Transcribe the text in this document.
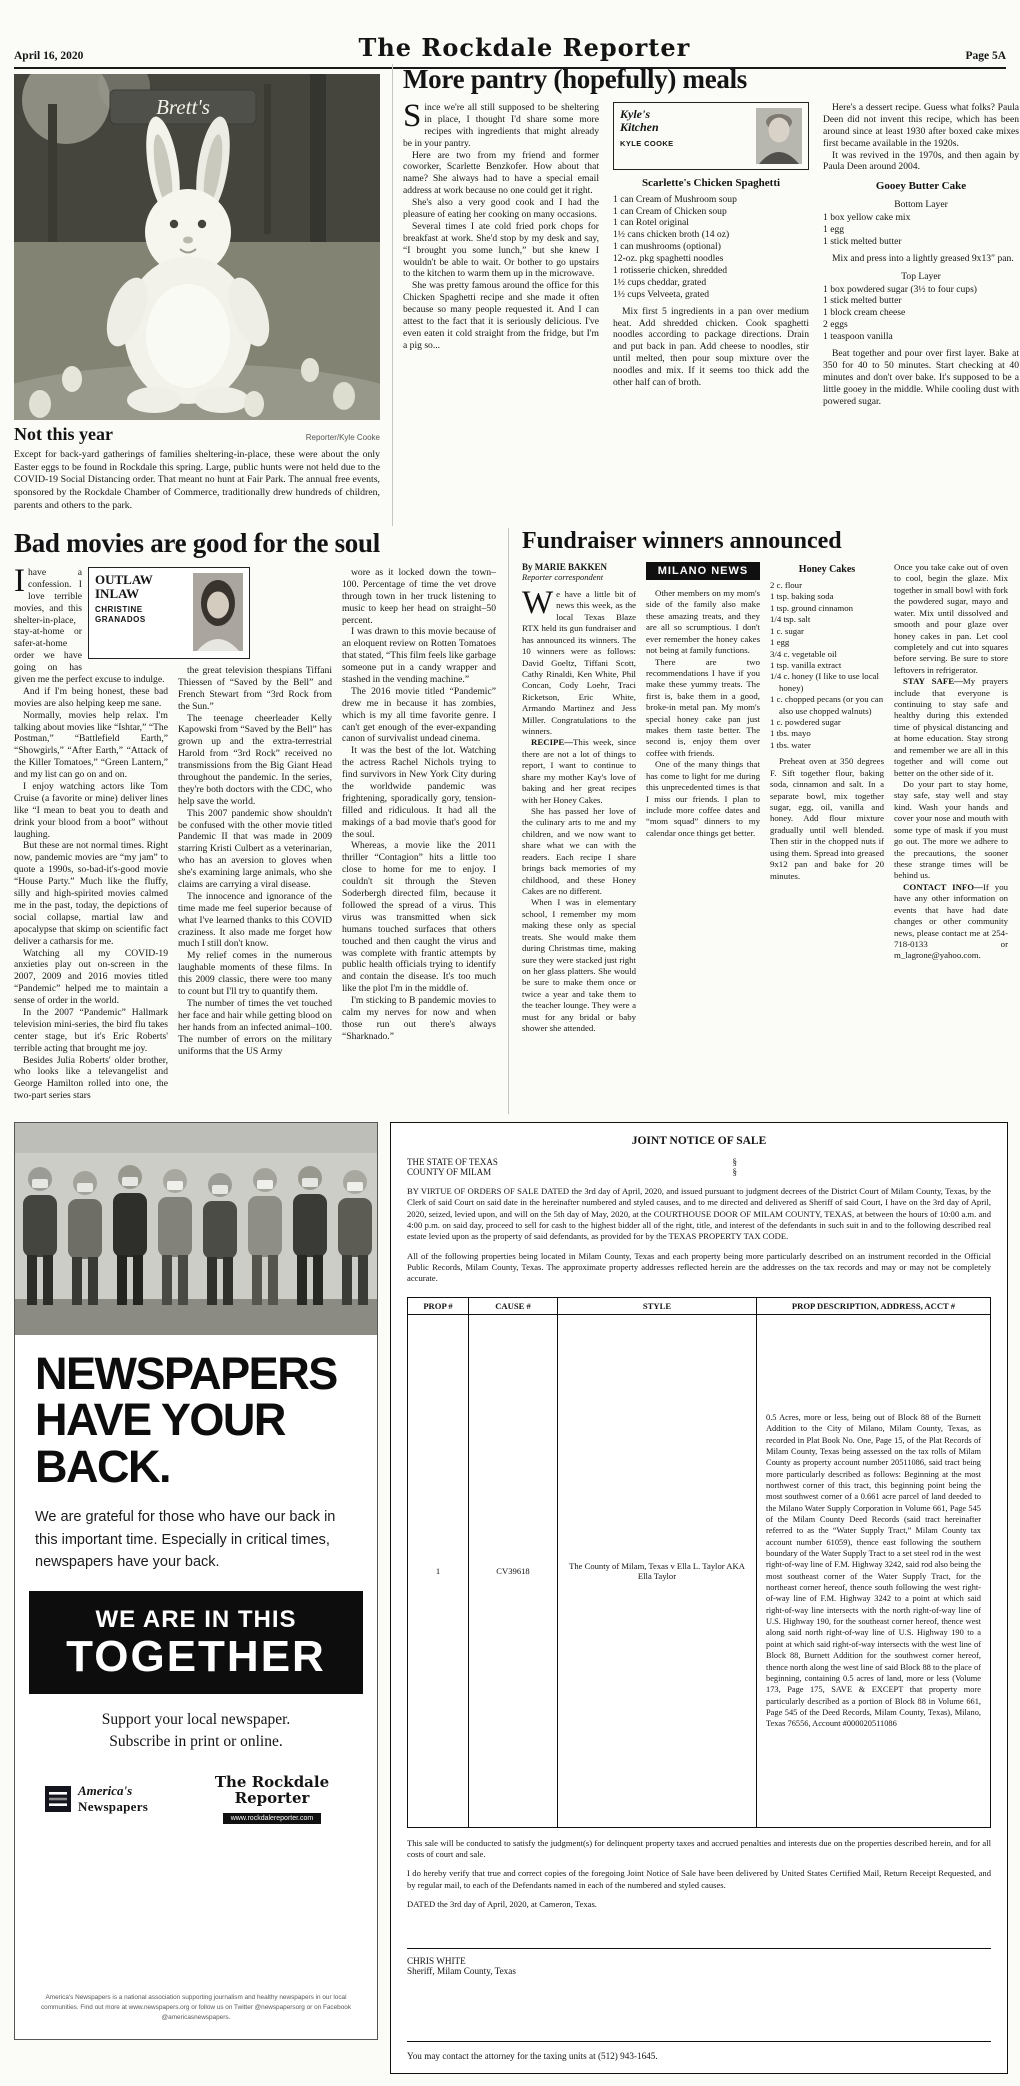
April 16, 2020	The Rockdale Reporter	Page 5A
Brett's
Not this year	Reporter/Kyle Cooke

Except for back-yard gatherings of families sheltering-in-place, these were about the only Easter eggs to be found in Rockdale this spring. Large, public hunts were not held due to the COVID-19 Social Distancing order. That meant no hunt at Fair Park. The annual free events, sponsored by the Rockdale Chamber of Commerce, traditionally drew hundreds of children, parents and others to the park.

More pantry (hopefully) meals

Since we're all still supposed to be sheltering in place, I thought I'd share some more recipes with ingredients that might already be in your pantry.

Here are two from my friend and former coworker, Scarlette Benzkofer. How about that name? She always had to have a special email address at work because no one could get it right.

She's also a very good cook and I had the pleasure of eating her cooking on many occasions.

Several times I ate cold fried pork chops for breakfast at work. She'd stop by my desk and say, “I brought you some lunch,” but she knew I wouldn't be able to wait. Or bother to go upstairs to the kitchen to warm them up in the microwave.

She was pretty famous around the office for this Chicken Spaghetti recipe and she made it often because so many people requested it. And I can attest to the fact that it is seriously delicious. I've even eaten it cold straight from the fridge, but I'm a pig so...

Kyle's
Kitchen
KYLE COOKE
Scarlette's Chicken Spaghetti

1 can Cream of Mushroom soup

1 can Cream of Chicken soup

1 can Rotel original

1½ cans chicken broth (14 oz)

1 can mushrooms (optional)

12-oz. pkg spaghetti noodles

1 rotisserie chicken, shredded

1½ cups cheddar, grated

1½ cups Velveeta, grated

Mix first 5 ingredients in a pan over medium heat. Add shredded chicken. Cook spaghetti noodles according to package directions. Drain and put back in pan. Add cheese to noodles, stir until melted, then pour soup mixture over the noodles and mix. If it seems too thick add the other half can of broth.

Here's a dessert recipe. Guess what folks? Paula Deen did not invent this recipe, which has been around since at least 1930 after boxed cake mixes first became available in the 1920s.

It was revived in the 1970s, and then again by Paula Deen around 2004.

Gooey Butter Cake
Bottom Layer

1 box yellow cake mix

1 egg

1 stick melted butter

Mix and press into a lightly greased 9x13″ pan.

Top Layer

1 box powdered sugar (3½ to four cups)

1 stick melted butter

1 block cream cheese

2 eggs

1 teaspoon vanilla

Beat together and pour over first layer. Bake at 350 for 40 to 50 minutes. Start checking at 40 minutes and don't over bake. It's supposed to be a little gooey in the middle. While cooling dust with powered sugar.

Bad movies are good for the soul
OUTLAW
INLAW
CHRISTINE
GRANADOS

Ihave a confession. I love terrible movies, and this shelter-in-place, stay-at-home or safer-at-home order we have going on has given me the perfect excuse to indulge.

And if I'm being honest, these bad movies are also helping keep me sane.

Normally, movies help relax. I'm talking about movies like “Ishtar,” “The Postman,” “Battlefield Earth,” “Showgirls,” “After Earth,” “Attack of the Killer Tomatoes,” “Green Lantern,” and my list can go on and on.

I enjoy watching actors like Tom Cruise (a favorite or mine) deliver lines like “I mean to beat you to death and drink your blood from a boot” without laughing.

But these are not normal times. Right now, pandemic movies are “my jam” to quote a 1990s, so-bad-it's-good movie “House Party.” Much like the fluffy, silly and high-spirited movies calmed me in the past, today, the depictions of social collapse, martial law and apocalypse that skimp on scientific fact deliver a catharsis for me.

Watching all my COVID-19 anxieties play out on-screen in the 2007, 2009 and 2016 movies titled “Pandemic” helped me to maintain a sense of order in the world.

In the 2007 “Pandemic” Hallmark television mini-series, the bird flu takes center stage, but it's Eric Roberts' terrible acting that brought me joy.

Besides Julia Roberts' older brother, who looks like a televangelist and George Hamilton rolled into one, the two-part series stars

the great television thespians Tiffani Thiessen of “Saved by the Bell” and French Stewart from “3rd Rock from the Sun.”

The teenage cheerleader Kelly Kapowski from “Saved by the Bell” has grown up and the extra-terrestrial Harold from “3rd Rock” received no transmissions from the Big Giant Head throughout the pandemic. In the series, they're both doctors with the CDC, who help save the world.

This 2007 pandemic show shouldn't be confused with the other movie titled Pandemic II that was made in 2009 starring Kristi Culbert as a veterinarian, who has an aversion to gloves when she's examining large animals, who she claims are carrying a viral disease.

The innocence and ignorance of the time made me feel superior because of what I've learned thanks to this COVID craziness. It also made me forget how much I still don't know.

My relief comes in the numerous laughable moments of these films. In this 2009 classic, there were too many to count but I'll try to quantify them.

The number of times the vet touched her face and hair while getting blood on her hands from an infected animal–100. The number of errors on the military uniforms that the US Army

wore as it locked down the town–100. Percentage of time the vet drove through town in her truck listening to music to keep her head on straight–50 percent.

I was drawn to this movie because of an eloquent review on Rotten Tomatoes that stated, “This film feels like garbage someone put in a candy wrapper and stashed in the vending machine.”

The 2016 movie titled “Pandemic” drew me in because it has zombies, which is my all time favorite genre. I can't get enough of the ever-expanding canon of survivalist undead cinema.

It was the best of the lot. Watching the actress Rachel Nichols trying to find survivors in New York City during the worldwide pandemic was frightening, sporadically gory, tension-filled and ridiculous. It had all the makings of a bad movie that's good for the soul.

Whereas, a movie like the 2011 thriller “Contagion” hits a little too close to home for me to enjoy. I couldn't sit through the Steven Soderbergh directed film, because it followed the spread of a virus. This virus was transmitted when sick humans touched surfaces that others touched and then caught the virus and was complete with frantic attempts by public health officials trying to identify and contain the disease. It's too much like the plot I'm in the middle of.

I'm sticking to B pandemic movies to calm my nerves for now and when those run out there's always “Sharknado.”

Fundraiser winners announced
By MARIE BAKKEN
Reporter correspondent

We have a little bit of news this week, as the local Texas Blaze RTX held its gun fundraiser and has announced its winners. The 10 winners were as follows: David Goeltz, Tiffani Scott, Cathy Rinaldi, Ken White, Phil Concan, Cody Loehr, Traci Ricketson, Eric White, Armando Martinez and Jess Miller. Congratulations to the winners.

RECIPE—This week, since there are not a lot of things to report, I want to continue to share my mother Kay's love of baking and her great recipes with her Honey Cakes.

She has passed her love of the culinary arts to me and my children, and we now want to share what we can with the readers. Each recipe I share brings back memories of my childhood, and these Honey Cakes are no different.

When I was in elementary school, I remember my mom making these only as special treats. She would make them during Christmas time, making sure they were stacked just right on her glass platters. She would be sure to make them once or twice a year and take them to the teacher lounge. They were a must for any bridal or baby shower she attended.

MILANO NEWS

Other members on my mom's side of the family also make these amazing treats, and they are all so scrumptious. I don't ever remember the honey cakes not being at family functions.

There are two recommendations I have if you make these yummy treats. The first is, bake them in a good, broke-in metal pan. My mom's special honey cake pan just makes them taste better. The second is, enjoy them over coffee with friends.

One of the many things that has come to light for me during this unprecedented times is that I miss our friends. I plan to include more coffee dates and “mom squad” dinners to my calendar once things get better.

Honey Cakes

2 c. flour

1 tsp. baking soda

1 tsp. ground cinnamon

1/4 tsp. salt

1 c. sugar

1 egg

3/4 c. vegetable oil

1 tsp. vanilla extract

1/4 c. honey (I like to use local honey)

1 c. chopped pecans (or you can also use chopped walnuts)

1 c. powdered sugar

1 tbs. mayo

1 tbs. water

Preheat oven at 350 degrees F. Sift together flour, baking soda, cinnamon and salt. In a separate bowl, mix together sugar, egg, oil, vanilla and honey. Add flour mixture gradually until well blended. Then stir in the chopped nuts if using them. Spread into greased 9x12 pan and bake for 20 minutes.

Once you take cake out of oven to cool, begin the glaze. Mix together in small bowl with fork the powdered sugar, mayo and water. Mix until dissolved and smooth and pour glaze over honey cakes in pan. Let cool completely and cut into squares before serving. Be sure to store leftovers in refrigerator.

STAY SAFE—My prayers include that everyone is continuing to stay safe and healthy during this extended time of physical distancing and at home education. Stay strong and remember we are all in this together and will come out better on the other side of it.

Do your part to stay home, stay safe, stay well and stay kind. Wash your hands and cover your nose and mouth with some type of mask if you must go out. The more we adhere to the precautions, the sooner these strange times will be behind us.

CONTACT INFO—If you have any other information on events that have had date changes or other community news, please contact me at 254-718-0133 or m_lagrone@yahoo.com.

NEWSPAPERS
HAVE YOUR
BACK.

We are grateful for those who have our back in this important time. Especially in critical times, newspapers have your back.

WE ARE IN THIS
TOGETHER
Support your local newspaper.
Subscribe in print or online.
America's
Newspapers
The Rockdale Reporter
www.rockdalereporter.com

America's Newspapers is a national association supporting journalism and healthy newspapers in our local communities. Find out more at www.newspapers.org or follow us on Twitter @newspapersorg or on Facebook @americasnewspapers.

JOINT NOTICE OF SALE
THE STATE OF TEXAS	§
COUNTY OF MILAM	§

BY VIRTUE OF ORDERS OF SALE DATED the 3rd day of April, 2020, and issued pursuant to judgment decrees of the District Court of Milam County, Texas, by the Clerk of said Court on said date in the hereinafter numbered and styled causes, and to me directed and delivered as Sheriff of said Court, I have on the 3rd day of April, 2020, seized, levied upon, and will on the 5th day of May, 2020, at the COURTHOUSE DOOR OF MILAM COUNTY, TEXAS, at between the hours of 10:00 a.m. and 4:00 p.m. on said day, proceed to sell for cash to the highest bidder all of the right, title, and interest of the defendants in such suit in and to the following described real estate levied upon as the property of said defendants, as provided for by the TEXAS PROPERTY TAX CODE.

All of the following properties being located in Milam County, Texas and each property being more particularly described on an instrument recorded in the Official Public Records, Milam County, Texas. The approximate property addresses reflected herein are the addresses on the tax records and may or may not be completely accurate.

PROP #	CAUSE #	STYLE	PROP DESCRIPTION, ADDRESS, ACCT #
1	CV39618	The County of Milam, Texas v Ella L. Taylor AKA Ella Taylor	0.5 Acres, more or less, being out of Block 88 of the Burnett Addition to the City of Milano, Milam County, Texas, as recorded in Plat Book No. One, Page 15, of the Plat Records of Milam County, Texas being assessed on the tax rolls of Milam County as property account number 20511086, said tract being more particularly described as follows: Beginning at the most northwest corner of this tract, this beginning point being the most southwest corner of a 0.661 acre parcel of land deeded to the Milano Water Supply Corporation in Volume 661, Page 545 of the Milam County Deed Records (said tract hereinafter referred to as the “Water Supply Tract,” Milam County tax account number 61059), thence east following the southern boundary of the Water Supply Tract to a set steel rod in the west right-of-way line of F.M. Highway 3242, said rod also being the most southeast corner of the Water Supply Tract, for the northeast corner hereof, thence south following the west right-of-way line of F.M. Highway 3242 to a point at which said right-of-way line intersects with the north right-of-way line of U.S. Highway 190, for the southeast corner hereof, thence west along said north right-of-way line of U.S. Highway 190 to a point at which said right-of-way intersects with the west line of Block 88, Burnett Addition for the southwest corner hereof, thence north along the west line of said Block 88 to the place of beginning, containing 0.5 acres of land, more or less (Volume 173, Page 175, SAVE & EXCEPT that property more particularly described as a portion of Block 88 in Volume 661, Page 545 of the Deed Records, Milam County, Texas), Milano, Texas 76556, Account #000020511086

This sale will be conducted to satisfy the judgment(s) for delinquent property taxes and accrued penalties and interests due on the properties described herein, and for all costs of court and sale.

I do hereby verify that true and correct copies of the foregoing Joint Notice of Sale have been delivered by United States Certified Mail, Return Receipt Requested, and by regular mail, to each of the Defendants named in each of the numbered and styled causes.

DATED the 3rd day of April, 2020, at Cameron, Texas.

CHRIS WHITE
Sheriff, Milam County, Texas
You may contact the attorney for the taxing units at (512) 943-1645.
